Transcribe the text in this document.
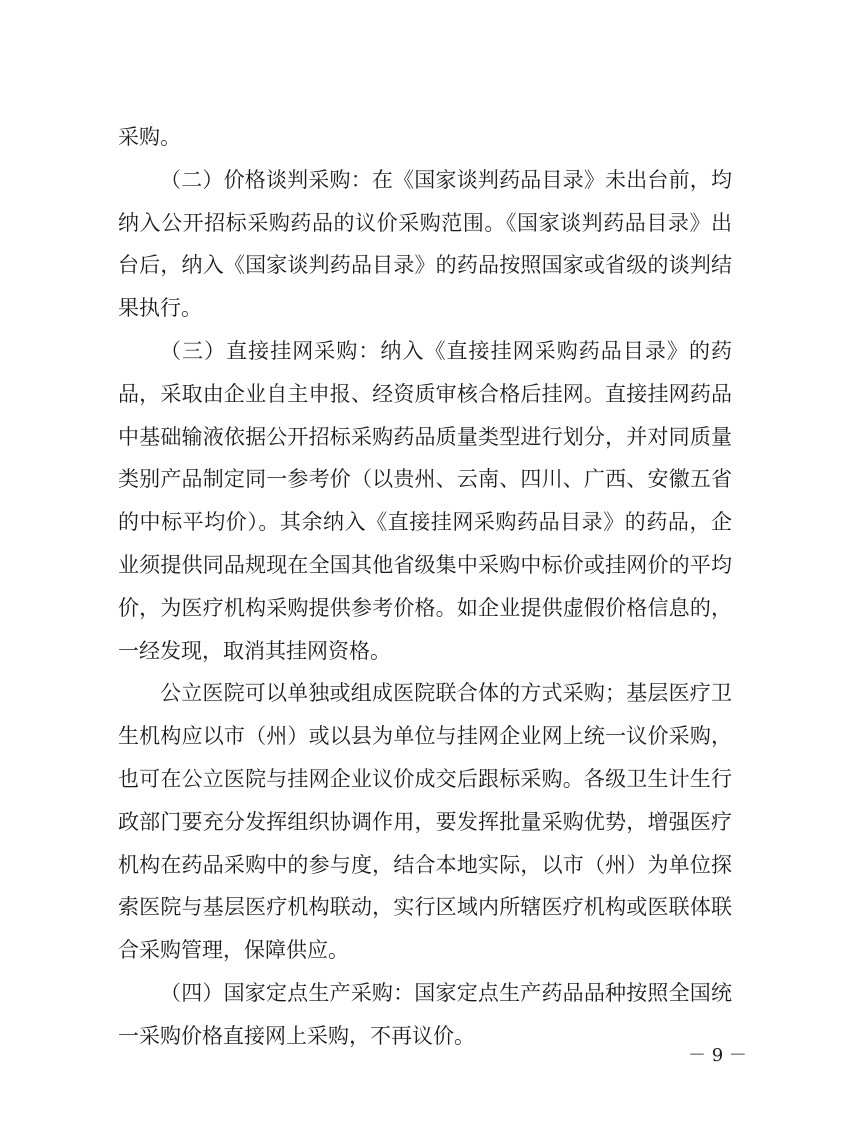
采购。

（二）价格谈判采购：在《国家谈判药品目录》未出台前，均纳入公开招标采购药品的议价采购范围。《国家谈判药品目录》出台后，纳入《国家谈判药品目录》的药品按照国家或省级的谈判结果执行。

（三）直接挂网采购：纳入《直接挂网采购药品目录》的药品，采取由企业自主申报、经资质审核合格后挂网。直接挂网药品中基础输液依据公开招标采购药品质量类型进行划分，并对同质量类别产品制定同一参考价（以贵州、云南、四川、广西、安徽五省的中标平均价）。其余纳入《直接挂网采购药品目录》的药品，企业须提供同品规现在全国其他省级集中采购中标价或挂网价的平均价，为医疗机构采购提供参考价格。如企业提供虚假价格信息的，一经发现，取消其挂网资格。

公立医院可以单独或组成医院联合体的方式采购；基层医疗卫生机构应以市（州）或以县为单位与挂网企业网上统一议价采购，也可在公立医院与挂网企业议价成交后跟标采购。各级卫生计生行政部门要充分发挥组织协调作用，要发挥批量采购优势，增强医疗机构在药品采购中的参与度，结合本地实际，以市（州）为单位探索医院与基层医疗机构联动，实行区域内所辖医疗机构或医联体联合采购管理，保障供应。

（四）国家定点生产采购：国家定点生产药品品种按照全国统一采购价格直接网上采购，不再议价。

－ 9 －
